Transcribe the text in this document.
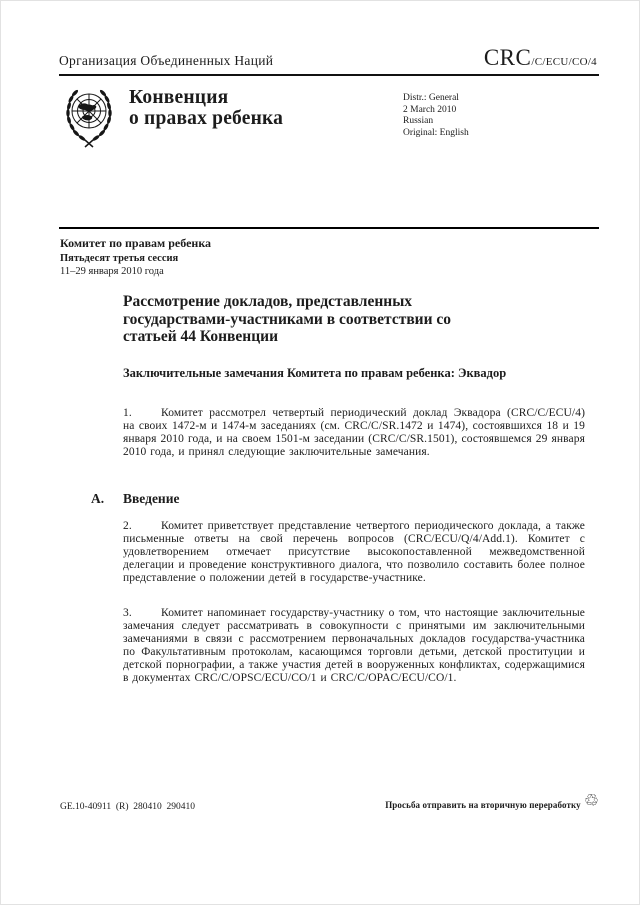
Организация Объединенных Наций	CRC/C/ECU/CO/4
Конвенция
о правах ребенка
Distr.: General
2 March 2010
Russian
Original: English
Комитет по правам ребенка
Пятьдесят третья сессия
11–29 января 2010 года
Рассмотрение докладов, представленных государствами-участниками в соответствии со статьей 44 Конвенции
Заключительные замечания Комитета по правам ребенка: Эквадор
1.	Комитет рассмотрел четвертый периодический доклад Эквадора (CRC/C/ECU/4) на своих 1472-м и 1474-м заседаниях (см. CRC/C/SR.1472 и 1474), состоявшихся 18 и 19 января 2010 года, и на своем 1501-м заседании (CRC/C/SR.1501), состоявшемся 29 января 2010 года, и принял следующие заключительные замечания.
A. Введение
2.	Комитет приветствует представление четвертого периодического доклада, а также письменные ответы на свой перечень вопросов (CRC/ECU/Q/4/Add.1). Комитет с удовлетворением отмечает присутствие высокопоставленной межведомственной делегации и проведение конструктивного диалога, что позволило составить более полное представление о положении детей в государстве-участнике.
3.	Комитет напоминает государству-участнику о том, что настоящие заключительные замечания следует рассматривать в совокупности с принятыми им заключительными замечаниями в связи с рассмотрением первоначальных докладов государства-участника по Факультативным протоколам, касающимся торговли детьми, детской проституции и детской порнографии, а также участия детей в вооруженных конфликтах, содержащимися в документах CRC/C/OPSC/ECU/CO/1 и CRC/C/OPAC/ECU/CO/1.
GE.10-40911  (R)  280410  290410	Просьба отправить на вторичную переработку ♲
